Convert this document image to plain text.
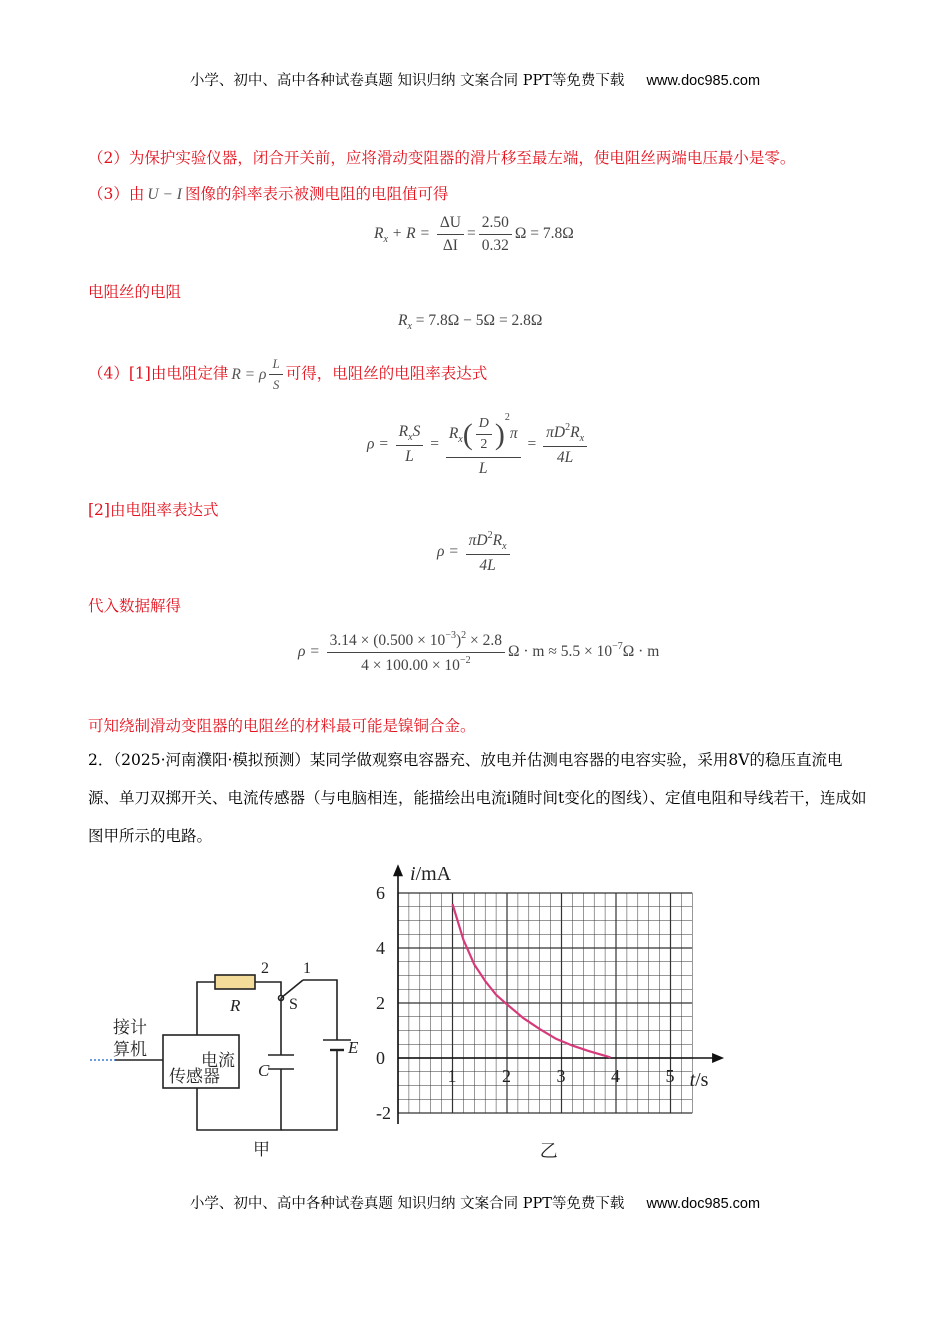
小学、初中、高中各种试卷真题 知识归纳 文案合同 PPT等免费下载 www.doc985.com
（2）为保护实验仪器，闭合开关前，应将滑动变阻器的滑片移至最左端，使电阻丝两端电压最小是零。
（3）由 U − I 图像的斜率表示被测电阻的电阻值可得
$R_x + R = \frac{\Delta U}{\Delta I} = \frac{2.50}{0.32}$ Ω = 7.8Ω
电阻丝的电阻
$R_x = 7.8\Omega - 5\Omega = 2.8\Omega$
（4）[1]由电阻定律 R = ρ $\frac{L}{S}$ 可得，电阻丝的电阻率表达式
$\rho = \frac{R_xS}{L} = \frac{R_x( \frac{D}{2} )^2\pi}{L} = \frac{\pi D^2R_x}{4L}$
[2]由电阻率表达式
$\rho = \frac{\pi D^2R_x}{4L}$
代入数据解得
$\rho = \frac{3.14 \times (0.500 \times 10^{-3})^2 \times 2.8}{4 \times 100.00 \times 10^{-2}}$ $\Omega \cdot m \approx 5.5 \times 10^{-7}\Omega \cdot m$
可知绕制滑动变阻器的电阻丝的材料最可能是镍铜合金。
2．（2025·河南濮阳·模拟预测）某同学做观察电容器充、放电并估测电容器的电容实验，采用8V的稳压直流电源、单刀双掷开关、电流传感器（与电脑相连，能描绘出电流i随时间t变化的图线）、定值电阻和导线若干，连成如图甲所示的电路。
电流
传感器
接计
算机
R	S
C
E
2 1
甲
-2
0
2
4
6
1	2	3	4	5
i/mA
t/s
乙
小学、初中、高中各种试卷真题 知识归纳 文案合同 PPT等免费下载 www.doc985.com
